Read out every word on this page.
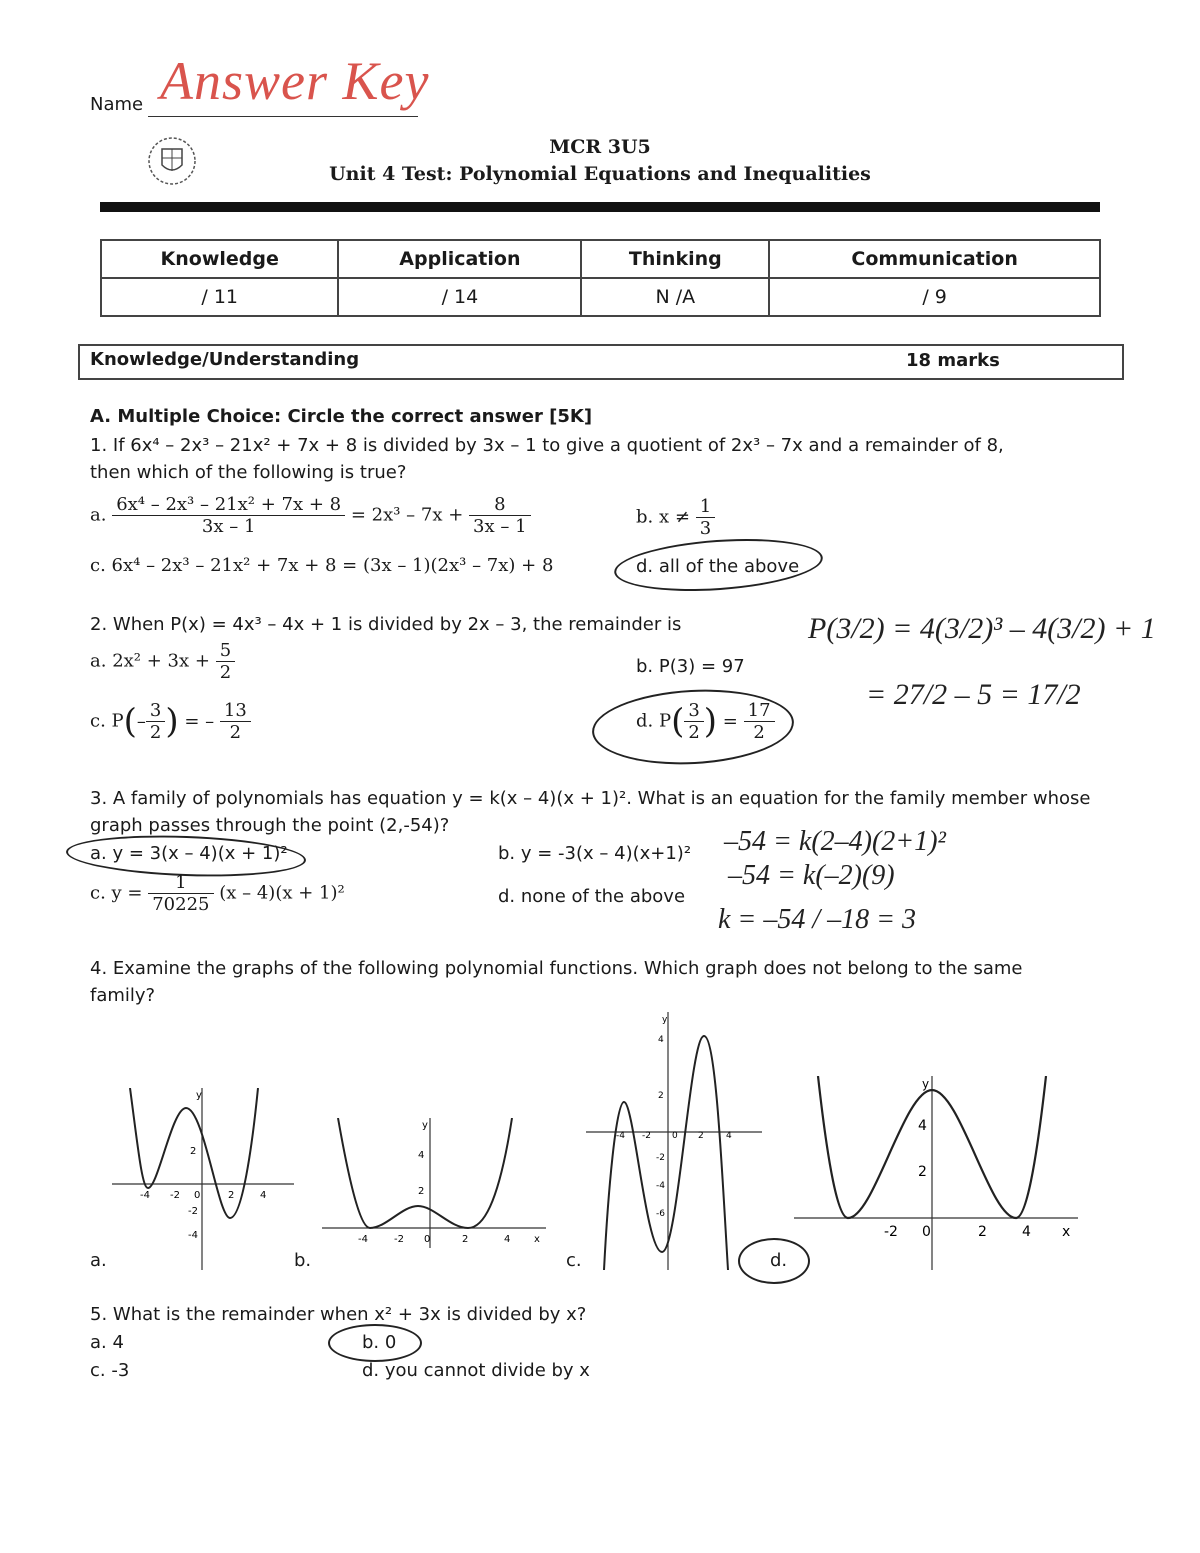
Name Answer Key
MCR 3U5
Unit 4 Test: Polynomial Equations and Inequalities
Knowledge	Application	Thinking	Communication
/ 11	/ 14	N /A	/ 9
Knowledge/Understanding	18 marks
A. Multiple Choice: Circle the correct answer [5K]
1. If 6x⁴ – 2x³ – 21x² + 7x + 8 is divided by 3x – 1 to give a quotient of 2x³ – 7x and a remainder of 8,
then which of the following is true?
a. $\frac{\text{6x⁴ – 2x³ – 21x² + 7x + 8}}{3x - 1} = 2x^3 - 7x + \frac{8}{3x - 1}$	b. $x \ne \frac{1}{3}$
c. 6x⁴ – 2x³ – 21x² + 7x + 8 = (3x – 1)(2x³ – 7x) + 8	d. all of the above
2. When P(x) = 4x³ – 4x + 1 is divided by 2x – 3, the remainder is
a. $2x^2 + 3x + \frac{5}{2}$	b. P(3) = 97
c. $P(- \frac{3}{2}$ ) = – $\frac{13}{2}$	d. $P( \frac{3}{2}$ ) = $\frac{17}{2}$
P(3/2) = 4(3/2)³ – 4(3/2) + 1
= 27/2 – 5 = 17/2
3. A family of polynomials has equation y = k(x – 4)(x + 1)². What is an equation for the family member whose
graph passes through the point (2,-54)?
a. y = 3(x – 4)(x + 1)²	b. y = -3(x – 4)(x+1)²
c. $y = \frac{1}{70225} (x - 4)(x + 1)^2$	d. none of the above
–54 = k(2–4)(2+1)²
–54 = k(–2)(9)
k = –54 / –18 = 3
4. Examine the graphs of the following polynomial functions. Which graph does not belong to the same
family?
-4 -2 0	2	4
2
-2
-4
y
-4	-2 0	2	4
4
2
y
x
-4 -2 0 2 4
4
2
-2
-4
-6
y
-2 0	2	4
4
2
x
y
a.	b.	c.	d.
5. What is the remainder when x² + 3x is divided by x?
a. 4	b. 0
c. -3	d. you cannot divide by x
